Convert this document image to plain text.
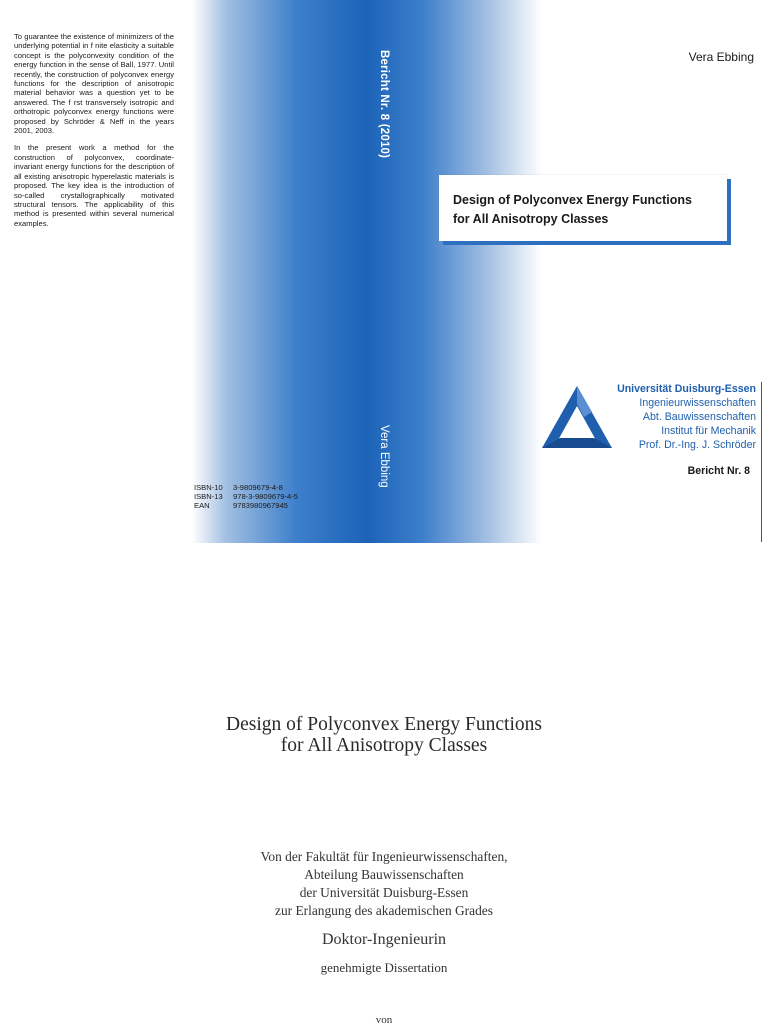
To guarantee the existence of minimizers of the underlying potential in f nite elasticity a suitable concept is the polyconvexity condition of the energy function in the sense of Ball, 1977. Until recently, the construction of polyconvex energy functions for the description of anisotropic material behavior was a question yet to be answered. The f rst transversely isotropic and orthotropic polyconvex energy functions were proposed by Schröder & Neff in the years 2001, 2003.

In the present work a method for the construction of polyconvex, coordinate-invariant energy functions for the description of all existing anisotropic hyperelastic materials is proposed. The key idea is the introduction of so-called crystallographically motivated structural tensors. The applicability of this method is presented within several numerical examples.

ISBN-10	3-9809679-4-8
ISBN-13	978-3-9809679-4-5
EAN	9783980967945
Bericht Nr. 8 (2010)
Vera Ebbing
Vera Ebbing
Design of Polyconvex Energy Functions
for All Anisotropy Classes
Universität Duisburg-Essen
Ingenieurwissenschaften
Abt. Bauwissenschaften
Institut für Mechanik
Prof. Dr.-Ing. J. Schröder
Bericht Nr. 8
Design of Polyconvex Energy Functions
for All Anisotropy Classes
Von der Fakultät für Ingenieurwissenschaften,
Abteilung Bauwissenschaften
der Universität Duisburg-Essen
zur Erlangung des akademischen Grades
Doktor-Ingenieurin
genehmigte Dissertation
von
